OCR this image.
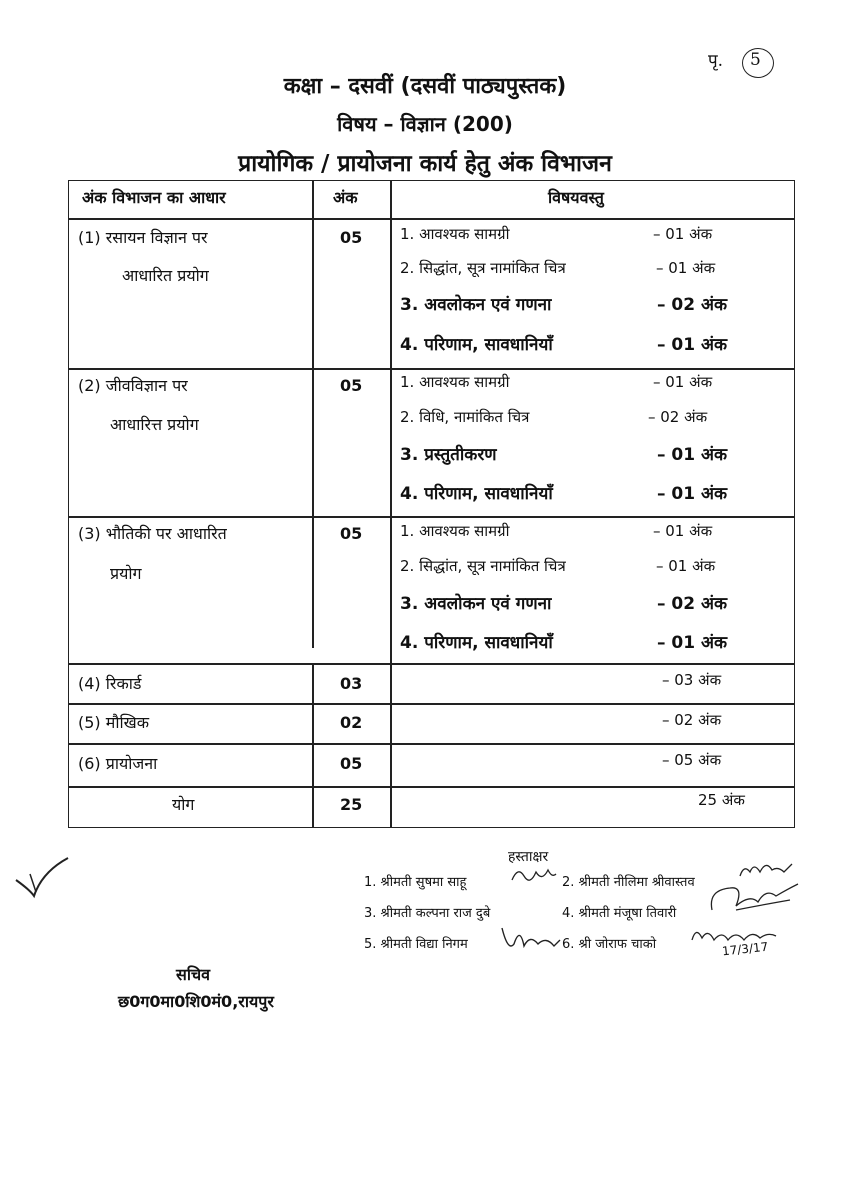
पृ. 5
कक्षा – दसवीं (दसवीं पाठ्यपुस्तक)
विषय – विज्ञान (200)
प्रायोगिक / प्रायोजना कार्य हेतु अंक विभाजन
अंक विभाजन का आधार	अंक	विषयवस्तु
(1) रसायन विज्ञान पर
आधारित प्रयोग
05	1. आवश्यक सामग्री	– 01 अंक
2. सिद्धांत, सूत्र नामांकित चित्र	– 01 अंक
3. अवलोकन एवं गणना	– 02 अंक
4. परिणाम, सावधानियाँ	– 01 अंक
(2) जीवविज्ञान पर
आधारित्त प्रयोग
05	1. आवश्यक सामग्री	– 01 अंक
2. विधि, नामांकित चित्र	– 02 अंक
3. प्रस्तुतीकरण	– 01 अंक
4. परिणाम, सावधानियाँ	– 01 अंक
(3) भौतिकी पर आधारित
प्रयोग
05	1. आवश्यक सामग्री	– 01 अंक
2. सिद्धांत, सूत्र नामांकित चित्र	– 01 अंक
3. अवलोकन एवं गणना	– 02 अंक
4. परिणाम, सावधानियाँ	– 01 अंक
(4) रिकार्ड	03	– 03 अंक
(5) मौखिक	02	– 02 अंक
(6) प्रायोजना	05	– 05 अंक
योग	25	25 अंक
हस्ताक्षर
1. श्रीमती सुषमा साहू	2. श्रीमती नीलिमा श्रीवास्तव
3. श्रीमती कल्पना राज दुबे	4. श्रीमती मंजूषा तिवारी
5. श्रीमती विद्या निगम	6. श्री जोराफ चाको	17/3/17
सचिव
छ0ग0मा0शि0मं0,रायपुर
